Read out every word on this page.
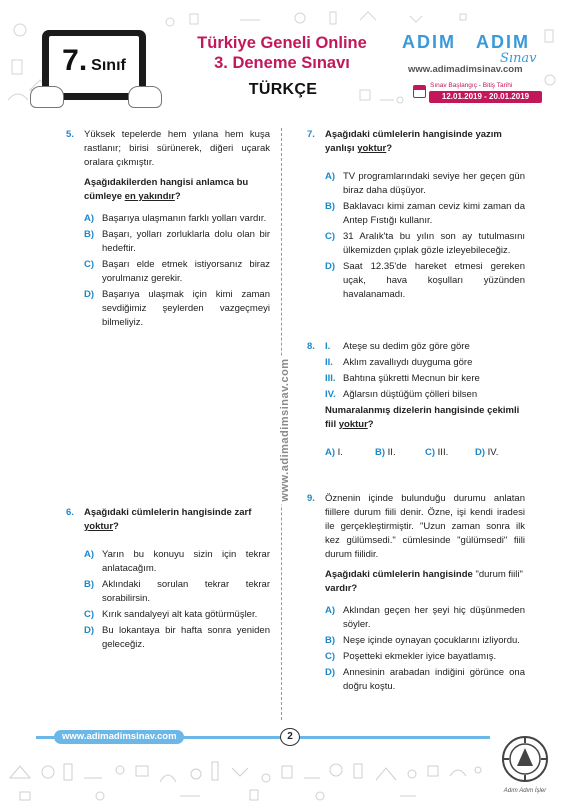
7. Sınıf
Türkiye Geneli Online
3. Deneme Sınavı
TÜRKÇE
ADIM ADIM
Sınav
www.adimadimsinav.com
Sınav Başlangıç - Bitiş Tarihi
12.01.2019 - 20.01.2019
www.adimadimsinav.com
5. Yüksek tepelerde hem yılana hem kuşa rastlanır; birisi sürünerek, diğeri uçarak oralara çıkmıştır.
Aşağıdakilerden hangisi anlamca bu cümleye en yakındır?
A) Başarıya ulaşmanın farklı yolları vardır.
B) Başarı, yolları zorluklarla dolu olan bir hedeftir.
C) Başarı elde etmek istiyorsanız biraz yorulmanız gerekir.
D) Başarıya ulaşmak için kimi zaman sevdiğimiz şeylerden vazgeçmeyi bilmeliyiz.
6. Aşağıdaki cümlelerin hangisinde zarf yoktur?
A) Yarın bu konuyu sizin için tekrar anlatacağım.
B) Aklındaki sorulan tekrar tekrar sorabilirsin.
C) Kırık sandalyeyi alt kata götürmüşler.
D) Bu lokantaya bir hafta sonra yeniden geleceğiz.
7. Aşağıdaki cümlelerin hangisinde yazım yanlışı yoktur?
A) TV programlarındaki seviye her geçen gün biraz daha düşüyor.
B) Baklavacı kimi zaman ceviz kimi zaman da Antep Fıstığı kullanır.
C) 31 Aralık'ta bu yılın son ay tutulmasını ülkemizden çıplak gözle izleyebileceğiz.
D) Saat 12.35'de hareket etmesi gereken uçak, hava koşulları yüzünden havalanamadı.
8. I. Ateşe su dedim göz göre göre
II. Aklım zavallıydı duyguma göre
III. Bahtına şükretti Mecnun bir kere
IV. Ağlarsın düştüğüm çölleri bilsen
Numaralanmış dizelerin hangisinde çekimli fiil yoktur?
A) I.	B) II.	C) III.	D) IV.
9. Öznenin içinde bulunduğu durumu anlatan fiillere durum fiili denir. Özne, işi kendi iradesi ile gerçekleştirmiştir. "Uzun zaman sonra ilk kez gülümsedi." cümlesinde "gülümsedi" fiili durum fiilidir.
Aşağıdaki cümlelerin hangisinde "durum fiili" vardır?
A) Aklından geçen her şeyi hiç düşünmeden söyler.
B) Neşe içinde oynayan çocuklarını izliyordu.
C) Poşetteki ekmekler iyice bayatlamış.
D) Annesinin arabadan indiğini görünce ona doğru koştu.
www.adimadimsinav.com	2
Adım Adım İşler
